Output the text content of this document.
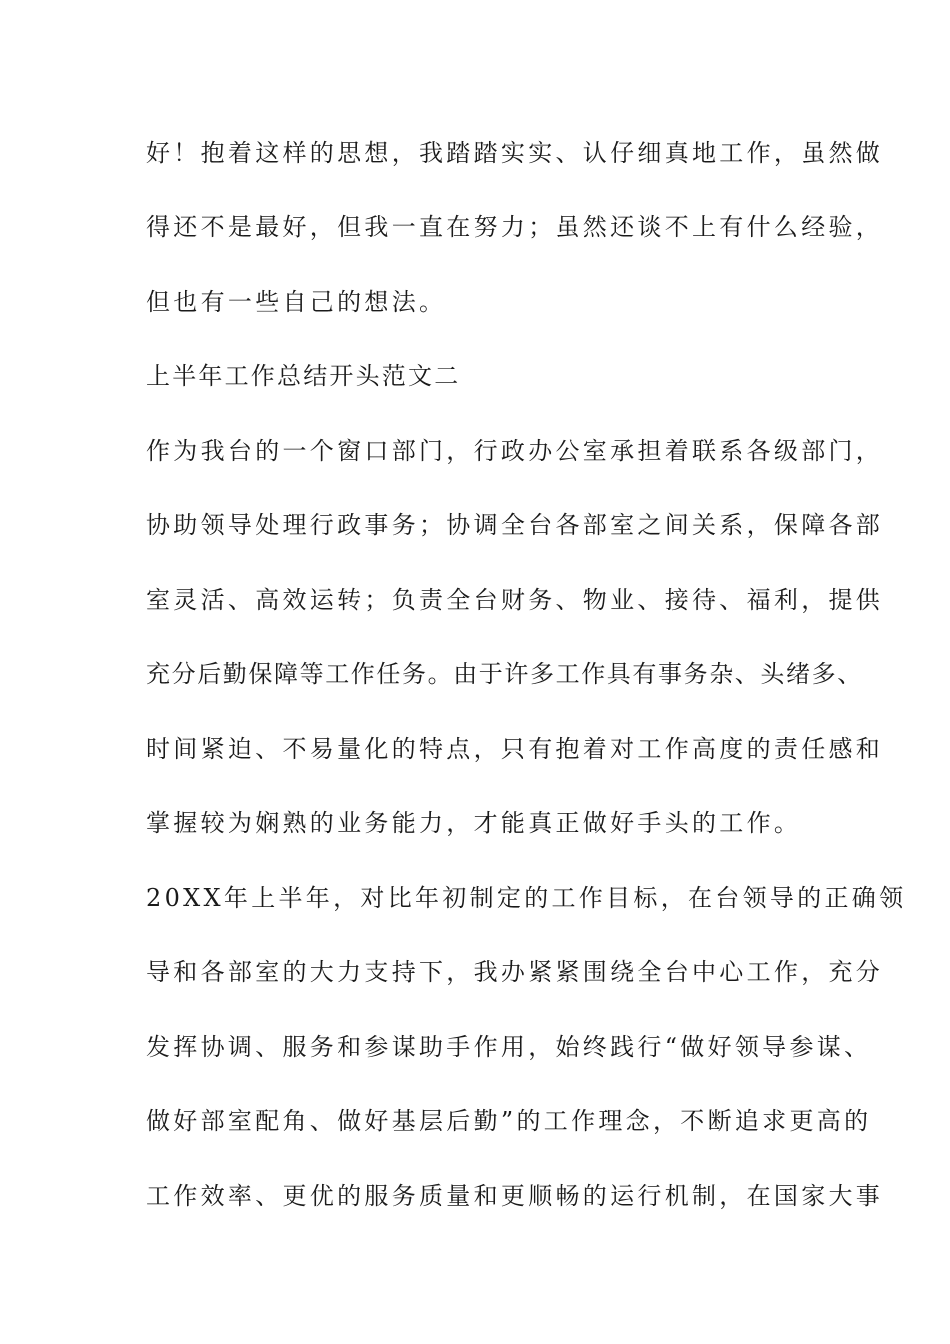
好！抱着这样的思想，我踏踏实实、认仔细真地工作，虽然做

得还不是最好，但我一直在努力；虽然还谈不上有什么经验，

但也有一些自己的想法。

上半年工作总结开头范文二

作为我台的一个窗口部门，行政办公室承担着联系各级部门，

协助领导处理行政事务；协调全台各部室之间关系，保障各部

室灵活、高效运转；负责全台财务、物业、接待、福利，提供

充分后勤保障等工作任务。由于许多工作具有事务杂、头绪多、

时间紧迫、不易量化的特点，只有抱着对工作高度的责任感和

掌握较为娴熟的业务能力，才能真正做好手头的工作。

20XX年上半年，对比年初制定的工作目标，在台领导的正确领

导和各部室的大力支持下，我办紧紧围绕全台中心工作，充分

发挥协调、服务和参谋助手作用，始终践行“做好领导参谋、

做好部室配角、做好基层后勤”的工作理念，不断追求更高的

工作效率、更优的服务质量和更顺畅的运行机制，在国家大事
